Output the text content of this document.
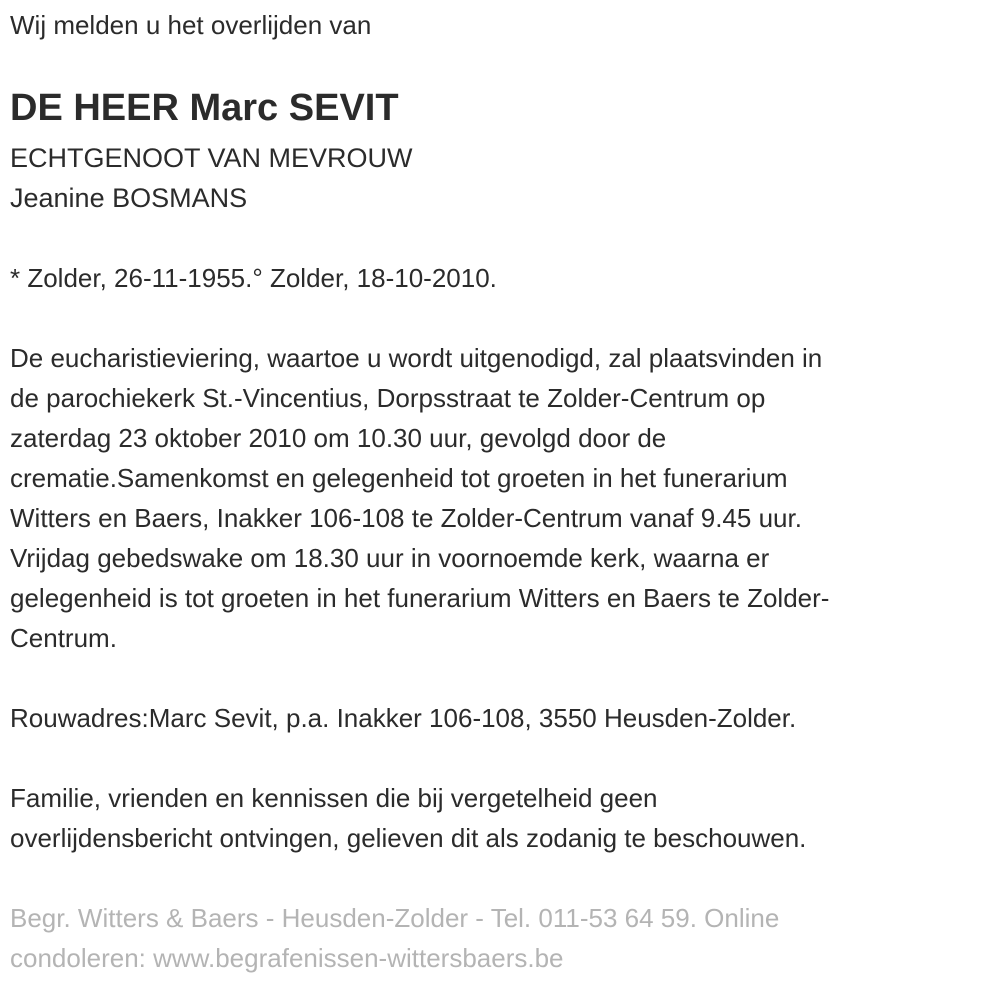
Wij melden u het overlijden van
DE HEER Marc SEVIT
ECHTGENOOT VAN MEVROUW
Jeanine BOSMANS
* Zolder, 26-11-1955.° Zolder, 18-10-2010.
De eucharistieviering, waartoe u wordt uitgenodigd, zal plaatsvinden in
de parochiekerk St.-Vincentius, Dorpsstraat te Zolder-Centrum op
zaterdag 23 oktober 2010 om 10.30 uur, gevolgd door de
crematie.Samenkomst en gelegenheid tot groeten in het funerarium
Witters en Baers, Inakker 106-108 te Zolder-Centrum vanaf 9.45 uur.
Vrijdag gebedswake om 18.30 uur in voornoemde kerk, waarna er
gelegenheid is tot groeten in het funerarium Witters en Baers te Zolder-
Centrum.
Rouwadres:Marc Sevit, p.a. Inakker 106-108, 3550 Heusden-Zolder.
Familie, vrienden en kennissen die bij vergetelheid geen
overlijdensbericht ontvingen, gelieven dit als zodanig te beschouwen.
Begr. Witters & Baers - Heusden-Zolder - Tel. 011-53 64 59. Online
condoleren: www.begrafenissen-wittersbaers.be
